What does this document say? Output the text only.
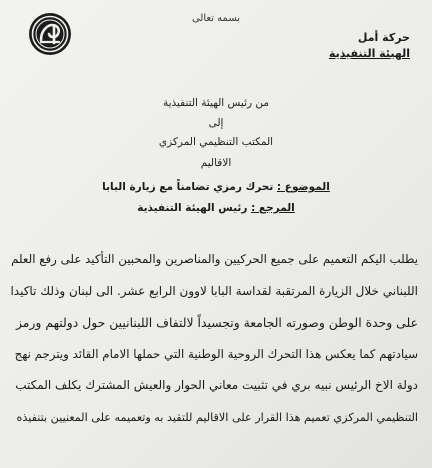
بسمه تعالى
حركة أمل
الهيئة التنفيذية
من رئيس الهيئة التنفيذية
إلى
المكتب التنظيمي المركزي
الاقاليم
الموضوع : تحرك رمزي تضامناً مع زيارة البابا
المرجع : رئيس الهيئة التنفيذية

يطلب اليكم التعميم على جميع الحركيين والمناصرين والمحبين التأكيد على رفع العلم

اللبناني خلال الزيارة المرتقبة لقداسة البابا لاوون الرابع عشر. الى لبنان وذلك تاكيدا

على وحدة الوطن وصورته الجامعة وتجسيداً لالتفاف اللبنانيين حول دولتهم ورمز

سيادتهم كما يعكس هذا التحرك الروحية الوطنية التي حملها الامام القائد ويترجم نهج

دولة الاخ الرئيس نبيه بري في تثبيت معاني الحوار والعيش المشترك يكلف المكتب

التنظيمي المركزي تعميم هذا القرار على الاقاليم للتقيد به وتعميمه على المعنيين بتنفيذه
